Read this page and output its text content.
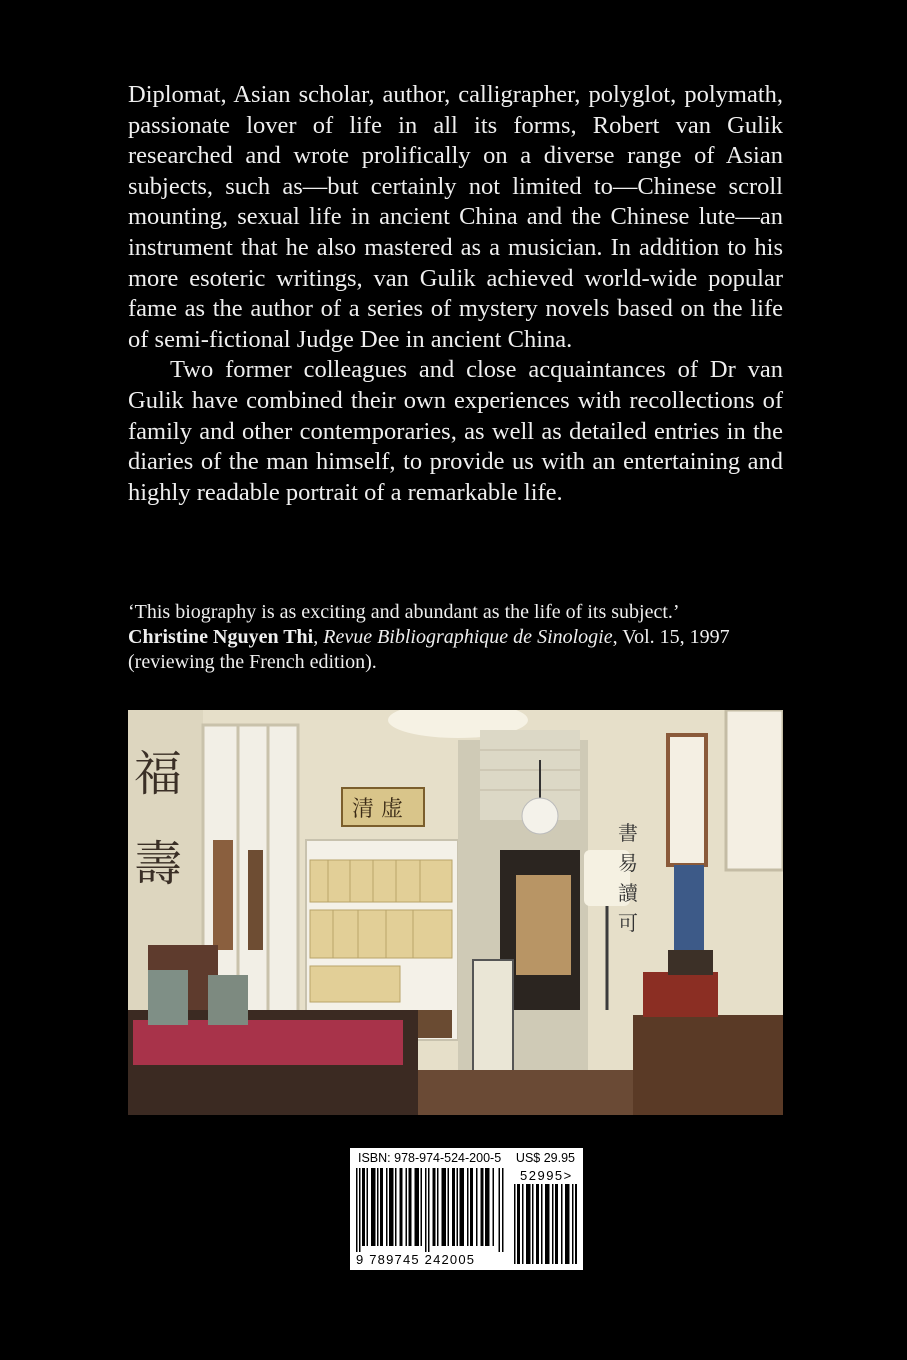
Diplomat, Asian scholar, author, calligrapher, polyglot, polymath, passionate lover of life in all its forms, Robert van Gulik researched and wrote prolifically on a diverse range of Asian subjects, such as—but certainly not limited to—Chinese scroll mounting, sexual life in ancient China and the Chinese lute—an instrument that he also mastered as a musician. In addition to his more esoteric writings, van Gulik achieved world-wide popular fame as the author of a series of mystery novels based on the life of semi-fictional Judge Dee in ancient China.

Two former colleagues and close acquaintances of Dr van Gulik have combined their own experiences with recollections of family and other contemporaries, as well as detailed entries in the diaries of the man himself, to provide us with an entertaining and highly readable portrait of a remarkable life.

‘This biography is as exciting and abundant as the life of its subject.’
Christine Nguyen Thi, Revue Bibliographique de Sinologie, Vol. 15, 1997
(reviewing the French edition).

福
壽
清 虚
書
易
讀
可
ISBN: 978-974-524-200-5 US$ 29.95
52995>
9 789745 242005
